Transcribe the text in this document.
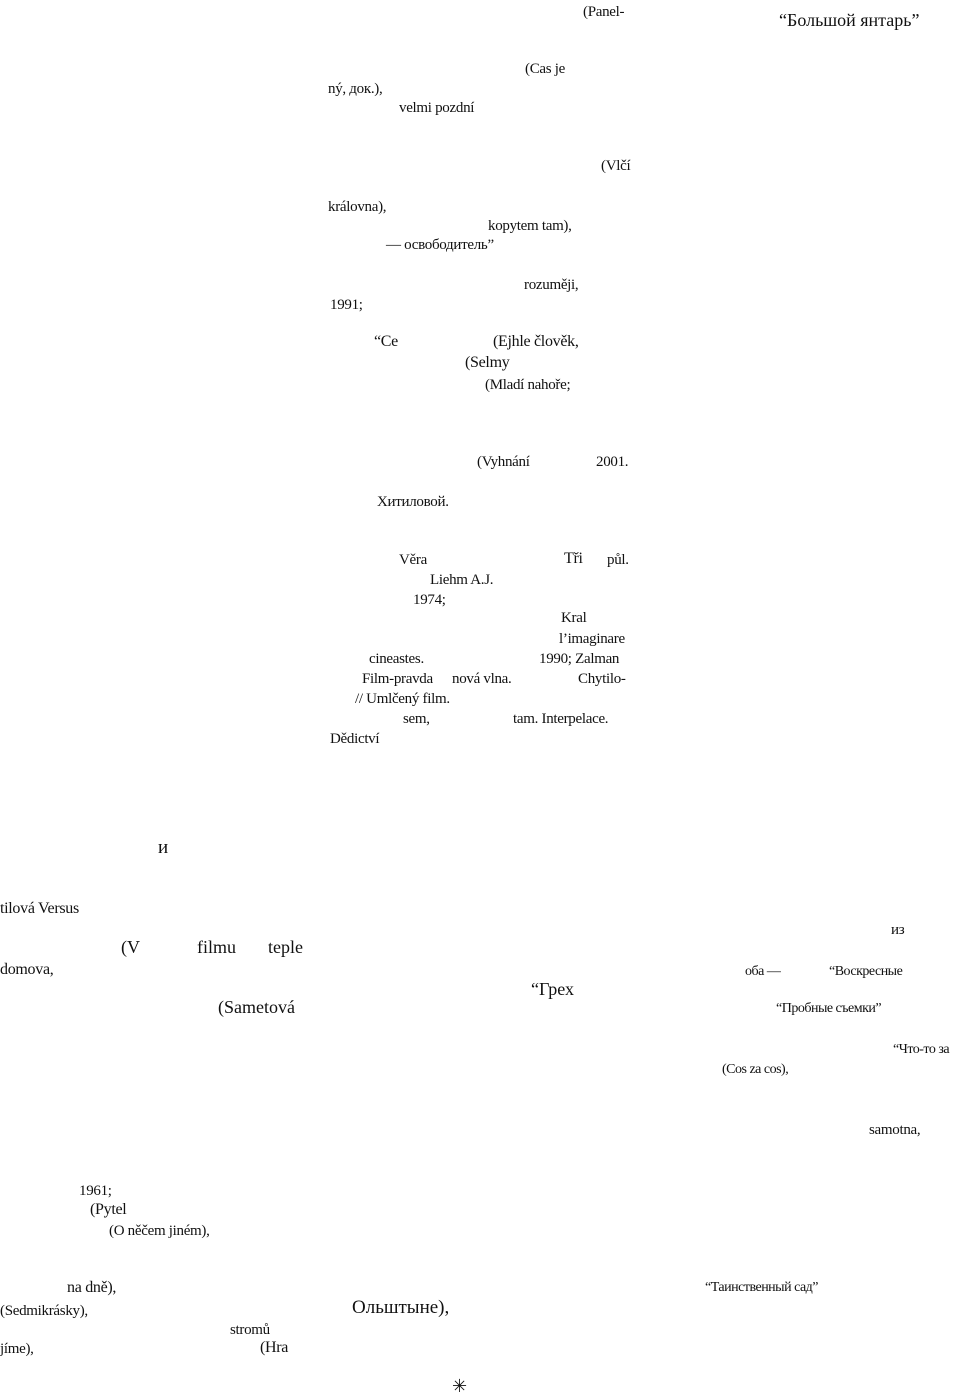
(Panel-	“Большой янтарь”
(Cas je
ný, док.),
velmi pozdní
(Vlčí
královna),
kopytem tam),
— освободитель”
rozuměji,
1991;
“Ce	(Ejhle člověk,
(Selmy
(Mladí nahoře;
(Vyhnání	2001.
Хитиловой.
Věra	Tři půl.
Liehm A.J.
1974;
Kral
l’imaginare
cineastes.	1990; Zalman
Film-pravda nová vlna.	Chytilo-
// Umlčený film.
sem,	tam. Interpelace.
Dědictví
и
tilová Versus
(V	filmu teple
из
domova,	оба —	“Воскресные
“Грех
(Sametová	“Пробные съемки”
“Что-то за
(Cos za cos),
samotna,
1961;
(Pytel
(O něčem jiném),
na dně),	“Таинственный сад”
(Sedmikrásky),	Ольштыне),
stromů
jíme),	(Hra
✳
